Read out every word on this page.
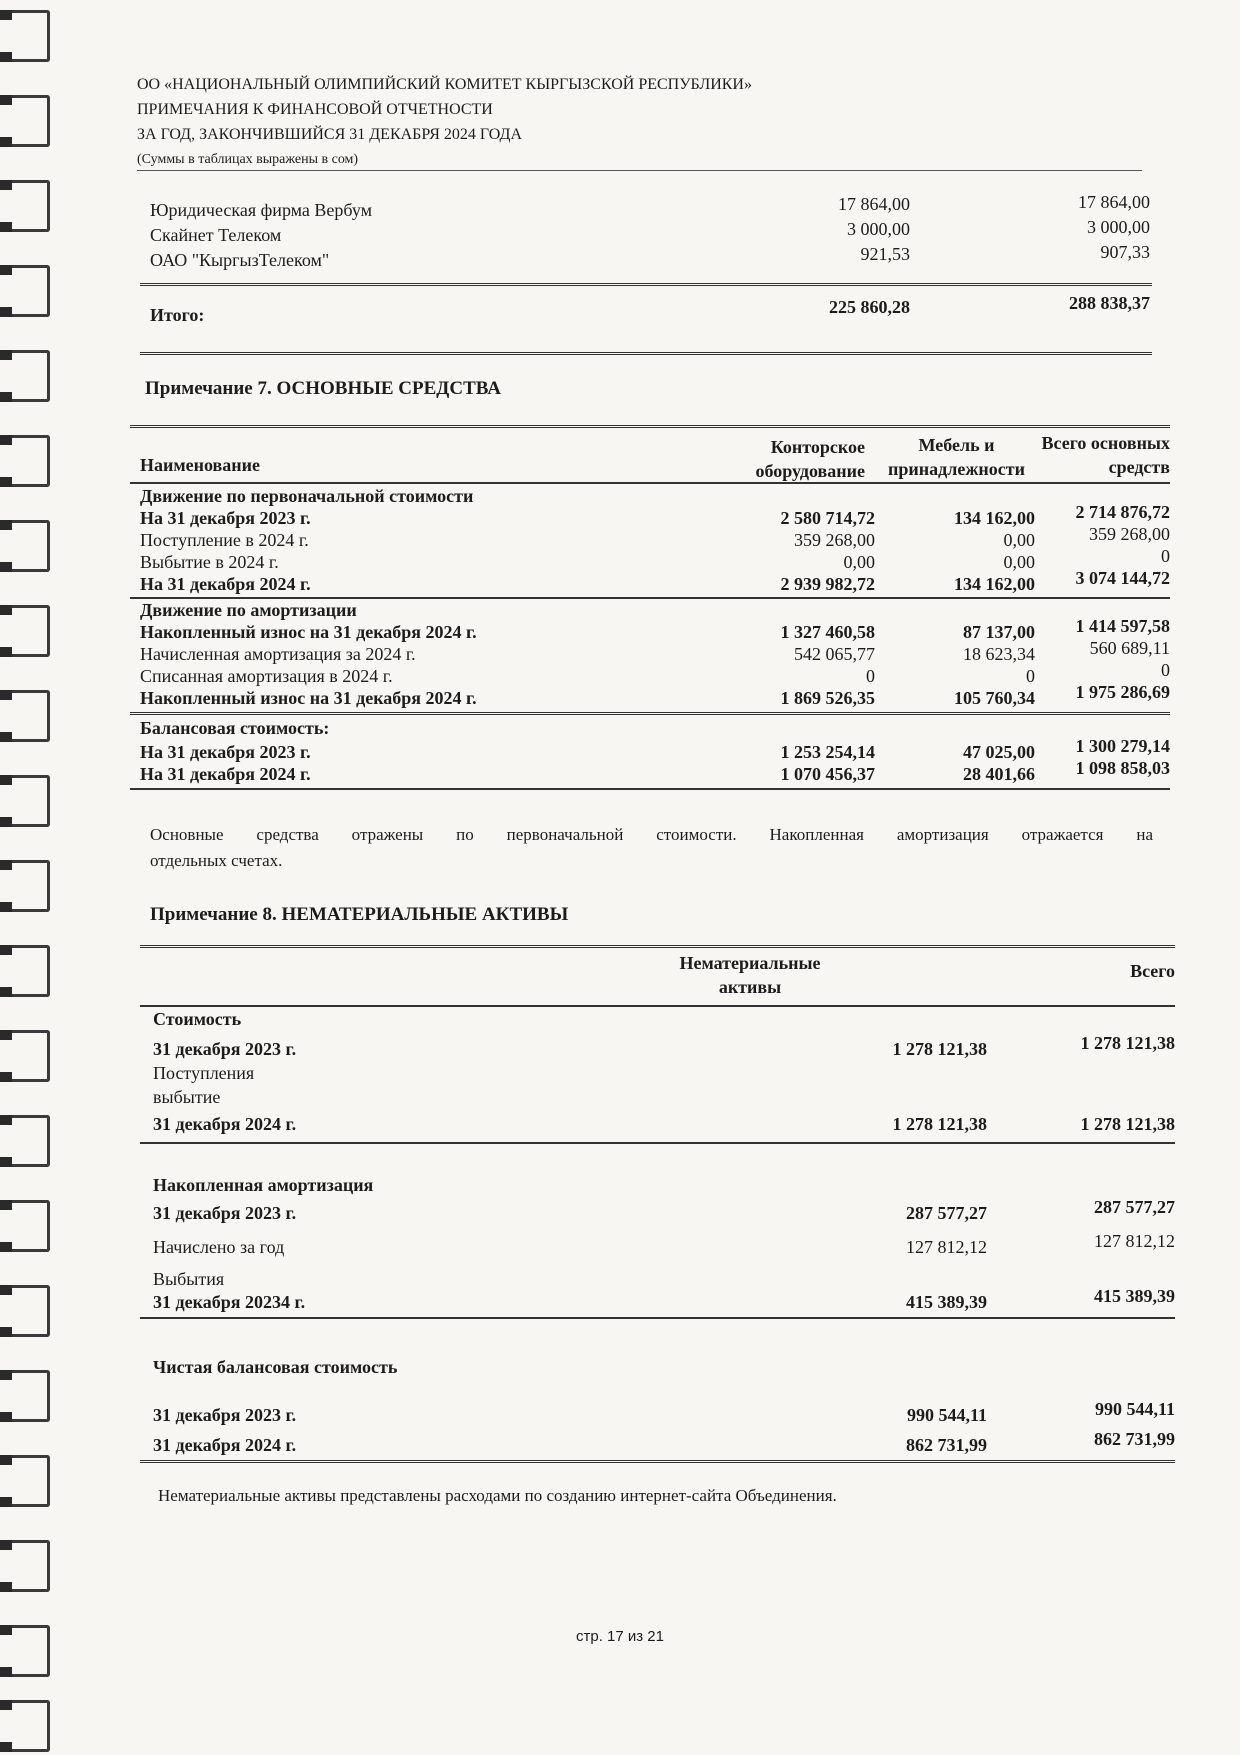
ОО «НАЦИОНАЛЬНЫЙ ОЛИМПИЙСКИЙ КОМИТЕТ КЫРГЫЗСКОЙ РЕСПУБЛИКИ»
ПРИМЕЧАНИЯ К ФИНАНСОВОЙ ОТЧЕТНОСТИ
ЗА ГОД, ЗАКОНЧИВШИЙСЯ 31 ДЕКАБРЯ 2024 ГОДА
(Суммы в таблицах выражены в сом)
Юридическая фирма Вербум	17 864,00	17 864,00
Скайнет Телеком	3 000,00	3 000,00
ОАО "КыргызТелеком"	921,53	907,33
Итого:	225 860,28	288 838,37
Примечание 7. ОСНОВНЫЕ СРЕДСТВА
Наименование
Конторское
оборудование
Мебель и
принадлежности
Всего основных
средств
Движение по первоначальной стоимости
На 31 декабря 2023 г.	2 580 714,72	134 162,00 2 714 876,72
Поступление в 2024 г.	359 268,00	0,00	359 268,00
Выбытие в 2024 г.	0,00	0,00	0
На 31 декабря 2024 г.	2 939 982,72	134 162,00 3 074 144,72
Движение по амортизации
Накопленный износ на 31 декабря 2024 г.	1 327 460,58	87 137,00 1 414 597,58
Начисленная амортизация за 2024 г.	542 065,77	18 623,34	560 689,11
Списанная амортизация в 2024 г.	0	0	0
Накопленный износ на 31 декабря 2024 г.	1 869 526,35	105 760,34 1 975 286,69
Балансовая стоимость:
На 31 декабря 2023 г.	1 253 254,14	47 025,00 1 300 279,14
На 31 декабря 2024 г.	1 070 456,37	28 401,66 1 098 858,03
Основные средства отражены по первоначальной стоимости. Накопленная амортизация отражается на
отдельных счетах.
Примечание 8. НЕМАТЕРИАЛЬНЫЕ АКТИВЫ
Нематериальные
активы
Всего
Стоимость
31 декабря 2023 г.	1 278 121,38	1 278 121,38
Поступления
выбытие
31 декабря 2024 г.	1 278 121,38	1 278 121,38
Накопленная амортизация
31 декабря 2023 г.	287 577,27	287 577,27
Начислено за год	127 812,12	127 812,12
Выбытия
31 декабря 20234 г.	415 389,39	415 389,39
Чистая балансовая стоимость
31 декабря 2023 г.	990 544,11	990 544,11
31 декабря 2024 г.	862 731,99	862 731,99
Нематериальные активы представлены расходами по созданию интернет-сайта Объединения.
стр. 17 из 21
